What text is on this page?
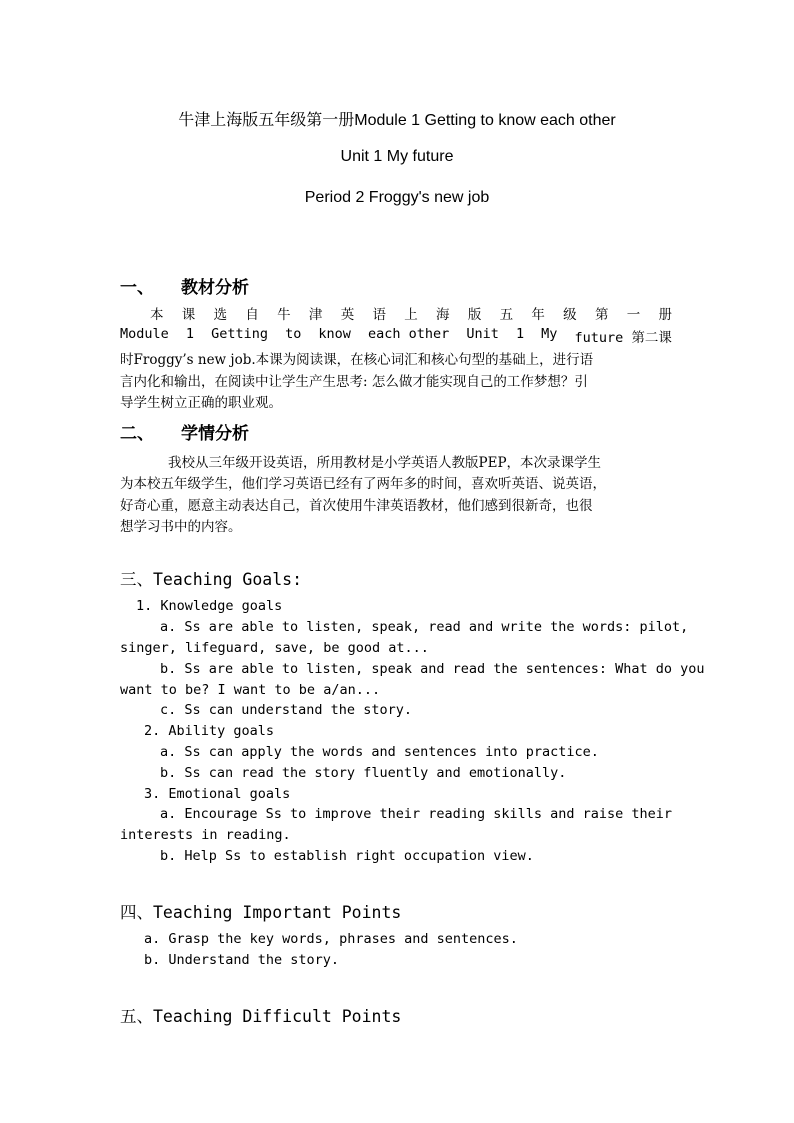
牛津上海版五年级第一册Module 1 Getting to know each other
Unit 1 My future
Period 2 Froggy's new job
一、 教材分析
本 课 选 自 牛 津 英 语 上 海 版 五 年 级 第 一 册
Module 1 Getting to know each other Unit 1 My future 第二课
时Froggy’s new job.本课为阅读课，在核心词汇和核心句型的基础上，进行语
言内化和输出，在阅读中让学生产生思考: 怎么做才能实现自己的工作梦想？引
导学生树立正确的职业观。
二、 学情分析
我校从三年级开设英语，所用教材是小学英语人教版PEP，本次录课学生
为本校五年级学生，他们学习英语已经有了两年多的时间，喜欢听英语、说英语，
好奇心重，愿意主动表达自己，首次使用牛津英语教材，他们感到很新奇，也很
想学习书中的内容。
三、Teaching Goals:
1. Knowledge goals
a. Ss are able to listen, speak, read and write the words: pilot,
singer, lifeguard, save, be good at...
b. Ss are able to listen, speak and read the sentences: What do you
want to be? I want to be a/an...
c. Ss can understand the story.
2. Ability goals
a. Ss can apply the words and sentences into practice.
b. Ss can read the story fluently and emotionally.
3. Emotional goals
a. Encourage Ss to improve their reading skills and raise their
interests in reading.
b. Help Ss to establish right occupation view.
四、Teaching Important Points
a. Grasp the key words, phrases and sentences.
b. Understand the story.
五、Teaching Difficult Points
